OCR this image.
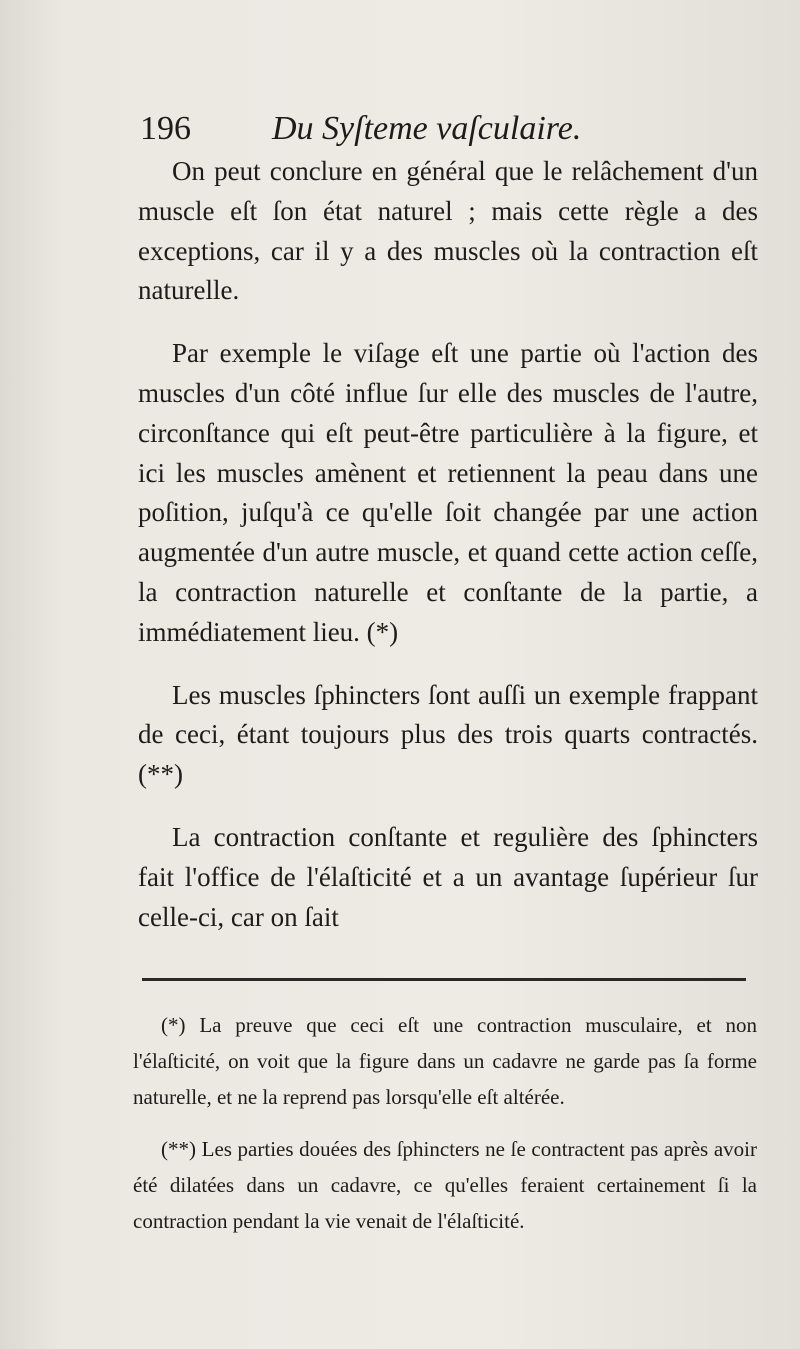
196 Du Syſteme vaſculaire.

On peut conclure en général que le relâchement d'un muscle eſt ſon état naturel ; mais cette règle a des exceptions, car il y a des muscles où la contraction eſt naturelle.

Par exemple le viſage eſt une partie où l'action des muscles d'un côté influe ſur elle des muscles de l'autre, circonſtance qui eſt peut-être particulière à la figure, et ici les muscles amènent et retiennent la peau dans une poſition, juſqu'à ce qu'elle ſoit changée par une action augmentée d'un autre muscle, et quand cette action ceſſe, la contraction naturelle et conſtante de la partie, a immédiatement lieu. (*)

Les muscles ſphincters ſont auſſi un exemple frappant de ceci, étant toujours plus des trois quarts contractés. (**)

La contraction conſtante et regulière des ſphincters fait l'office de l'élaſticité et a un avantage ſupérieur ſur celle-ci, car on ſait

(*) La preuve que ceci eſt une contraction musculaire, et non l'élaſticité, on voit que la figure dans un cadavre ne garde pas ſa forme naturelle, et ne la reprend pas lorsqu'elle eſt altérée.

(**) Les parties douées des ſphincters ne ſe contractent pas après avoir été dilatées dans un cadavre, ce qu'elles feraient certainement ſi la contraction pendant la vie venait de l'élaſticité.
